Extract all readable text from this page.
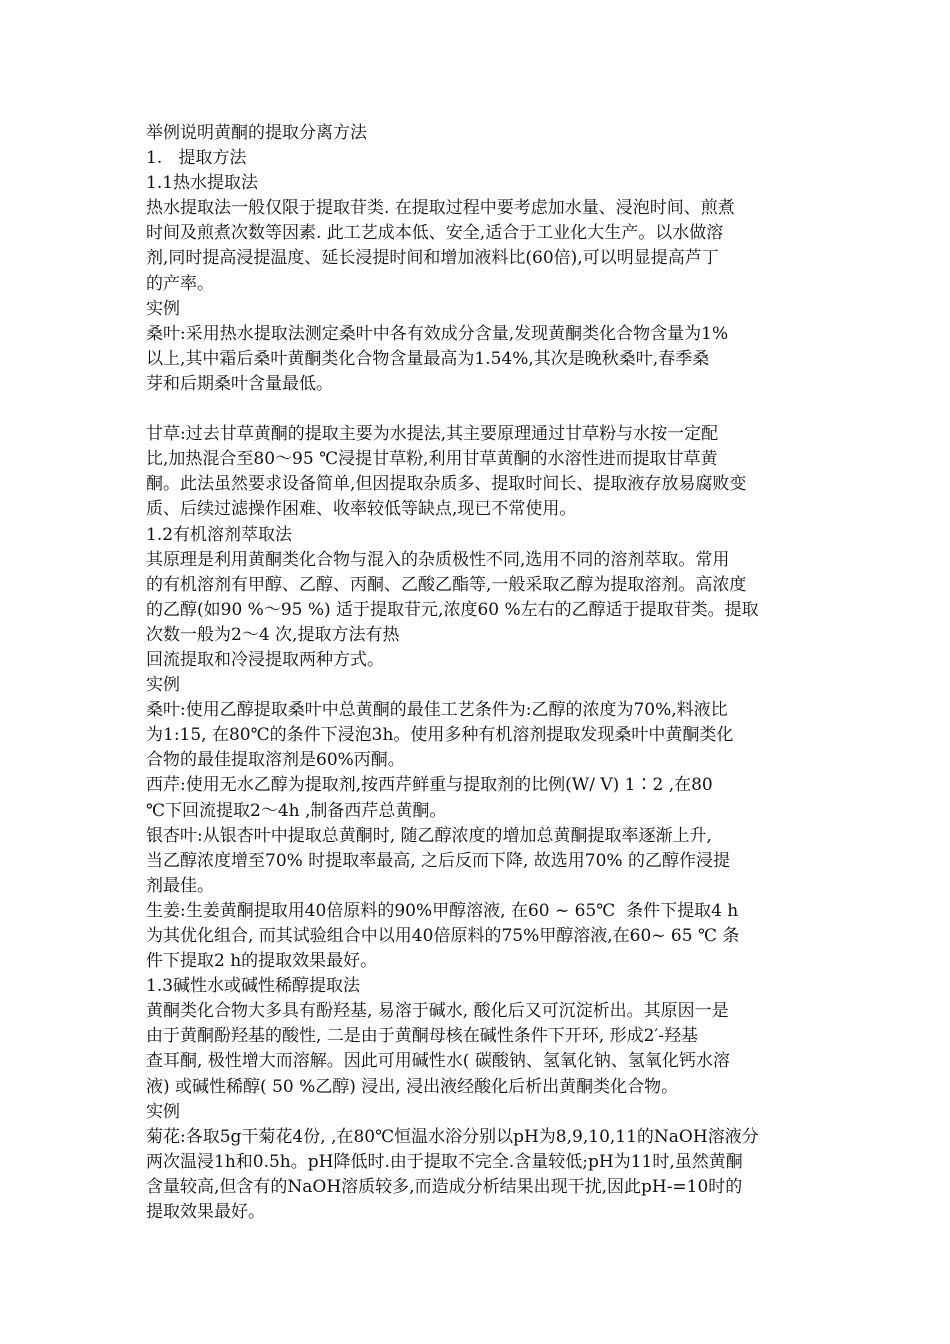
举例说明黄酮的提取分离方法
1.   提取方法
1.1热水提取法
热水提取法一般仅限于提取苷类. 在提取过程中要考虑加水量、浸泡时间、煎煮
时间及煎煮次数等因素. 此工艺成本低、安全,适合于工业化大生产。以水做溶
剂,同时提高浸提温度、延长浸提时间和增加液料比(60倍),可以明显提高芦丁
的产率。
实例
桑叶:采用热水提取法测定桑叶中各有效成分含量,发现黄酮类化合物含量为1%
以上,其中霜后桑叶黄酮类化合物含量最高为1.54%,其次是晚秋桑叶,春季桑
芽和后期桑叶含量最低。
甘草:过去甘草黄酮的提取主要为水提法,其主要原理通过甘草粉与水按一定配
比,加热混合至80～95 ℃浸提甘草粉,利用甘草黄酮的水溶性进而提取甘草黄
酮。此法虽然要求设备简单,但因提取杂质多、提取时间长、提取液存放易腐败变
质、后续过滤操作困难、收率较低等缺点,现已不常使用。
1.2有机溶剂萃取法
其原理是利用黄酮类化合物与混入的杂质极性不同,选用不同的溶剂萃取。常用
的有机溶剂有甲醇、乙醇、丙酮、乙酸乙酯等,一般采取乙醇为提取溶剂。高浓度
的乙醇(如90 %～95 %) 适于提取苷元,浓度60 %左右的乙醇适于提取苷类。提取
次数一般为2～4 次,提取方法有热
回流提取和冷浸提取两种方式。
实例
桑叶:使用乙醇提取桑叶中总黄酮的最佳工艺条件为:乙醇的浓度为70%,料液比
为1:15, 在80℃的条件下浸泡3h。使用多种有机溶剂提取发现桑叶中黄酮类化
合物的最佳提取溶剂是60%丙酮。
西芹:使用无水乙醇为提取剂,按西芹鲜重与提取剂的比例(W/ V) 1∶2 ,在80
℃下回流提取2～4h ,制备西芹总黄酮。
银杏叶:从银杏叶中提取总黄酮时, 随乙醇浓度的增加总黄酮提取率逐渐上升,
当乙醇浓度增至70% 时提取率最高, 之后反而下降, 故选用70% 的乙醇作浸提
剂最佳。
生姜:生姜黄酮提取用40倍原料的90%甲醇溶液, 在60 ~ 65℃  条件下提取4 h
为其优化组合, 而其试验组合中以用40倍原料的75%甲醇溶液,在60~ 65 ℃ 条
件下提取2 h的提取效果最好。
1.3碱性水或碱性稀醇提取法
黄酮类化合物大多具有酚羟基, 易溶于碱水, 酸化后又可沉淀析出。其原因一是
由于黄酮酚羟基的酸性, 二是由于黄酮母核在碱性条件下开环, 形成2′-羟基
查耳酮, 极性增大而溶解。因此可用碱性水( 碳酸钠、氢氧化钠、氢氧化钙水溶
液) 或碱性稀醇( 50 %乙醇) 浸出, 浸出液经酸化后析出黄酮类化合物。
实例
菊花:各取5g干菊花4份, ,在80℃恒温水浴分别以pH为8,9,10,11的NaOH溶液分
两次温浸1h和0.5h。pH降低时.由于提取不完全.含量较低;pH为11时,虽然黄酮
含量较高,但含有的NaOH溶质较多,而造成分析结果出现干扰,因此pH-=10时的
提取效果最好。
